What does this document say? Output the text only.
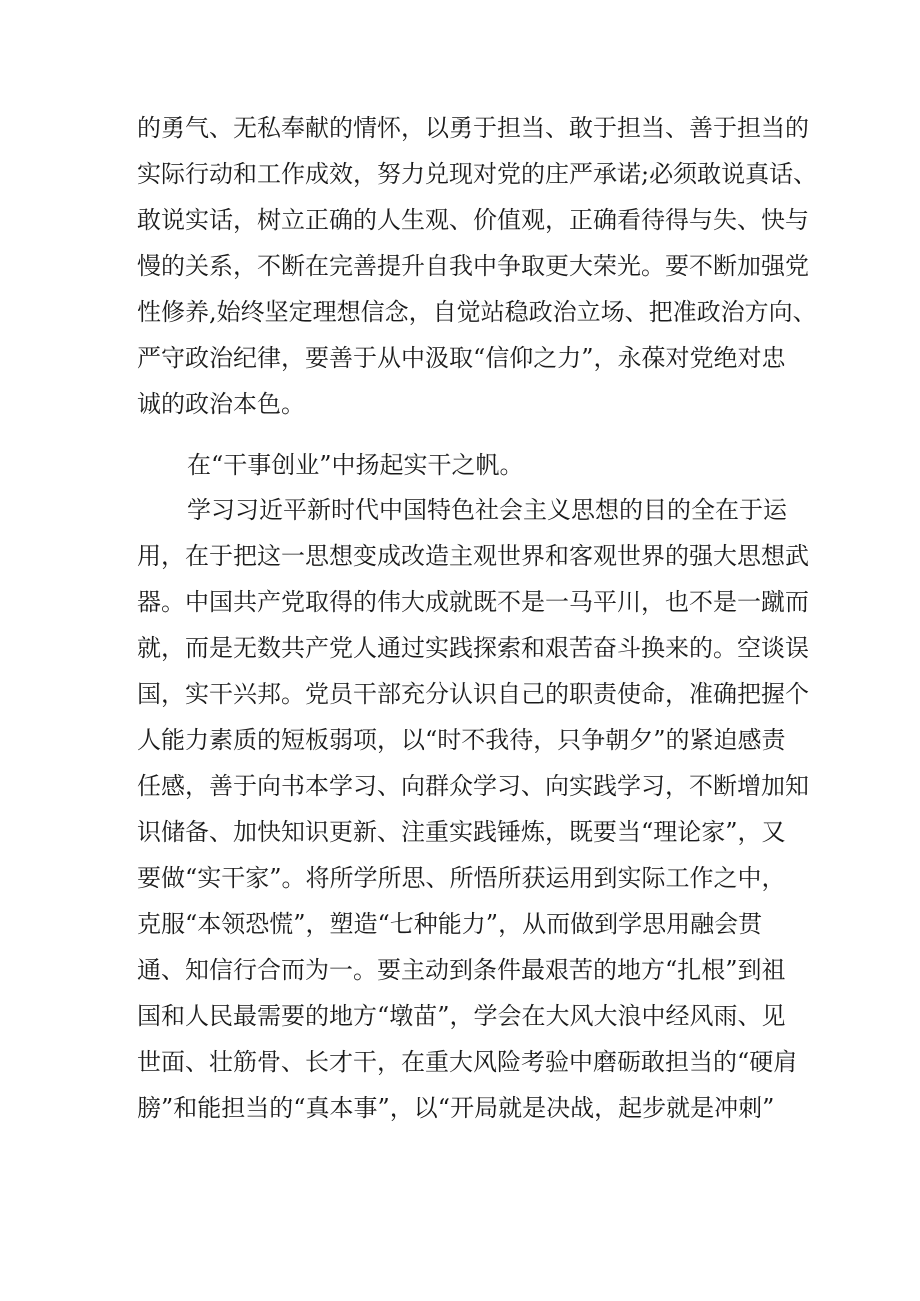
的勇气、无私奉献的情怀，以勇于担当、敢于担当、善于担当的
实际行动和工作成效，努力兑现对党的庄严承诺;必须敢说真话、
敢说实话，树立正确的人生观、价值观，正确看待得与失、快与
慢的关系，不断在完善提升自我中争取更大荣光。要不断加强党
性修养,始终坚定理想信念，自觉站稳政治立场、把准政治方向、
严守政治纪律，要善于从中汲取“信仰之力”，永葆对党绝对忠
诚的政治本色。
在“干事创业”中扬起实干之帆。
学习习近平新时代中国特色社会主义思想的目的全在于运
用，在于把这一思想变成改造主观世界和客观世界的强大思想武
器。中国共产党取得的伟大成就既不是一马平川，也不是一蹴而
就，而是无数共产党人通过实践探索和艰苦奋斗换来的。空谈误
国，实干兴邦。党员干部充分认识自己的职责使命，准确把握个
人能力素质的短板弱项，以“时不我待，只争朝夕”的紧迫感责
任感，善于向书本学习、向群众学习、向实践学习，不断增加知
识储备、加快知识更新、注重实践锤炼，既要当“理论家”，又
要做“实干家”。将所学所思、所悟所获运用到实际工作之中，
克服“本领恐慌”，塑造“七种能力”，从而做到学思用融会贯
通、知信行合而为一。要主动到条件最艰苦的地方“扎根”到祖
国和人民最需要的地方“墩苗”，学会在大风大浪中经风雨、见
世面、壮筋骨、长才干，在重大风险考验中磨砺敢担当的“硬肩
膀”和能担当的“真本事”，以“开局就是决战，起步就是冲刺”
